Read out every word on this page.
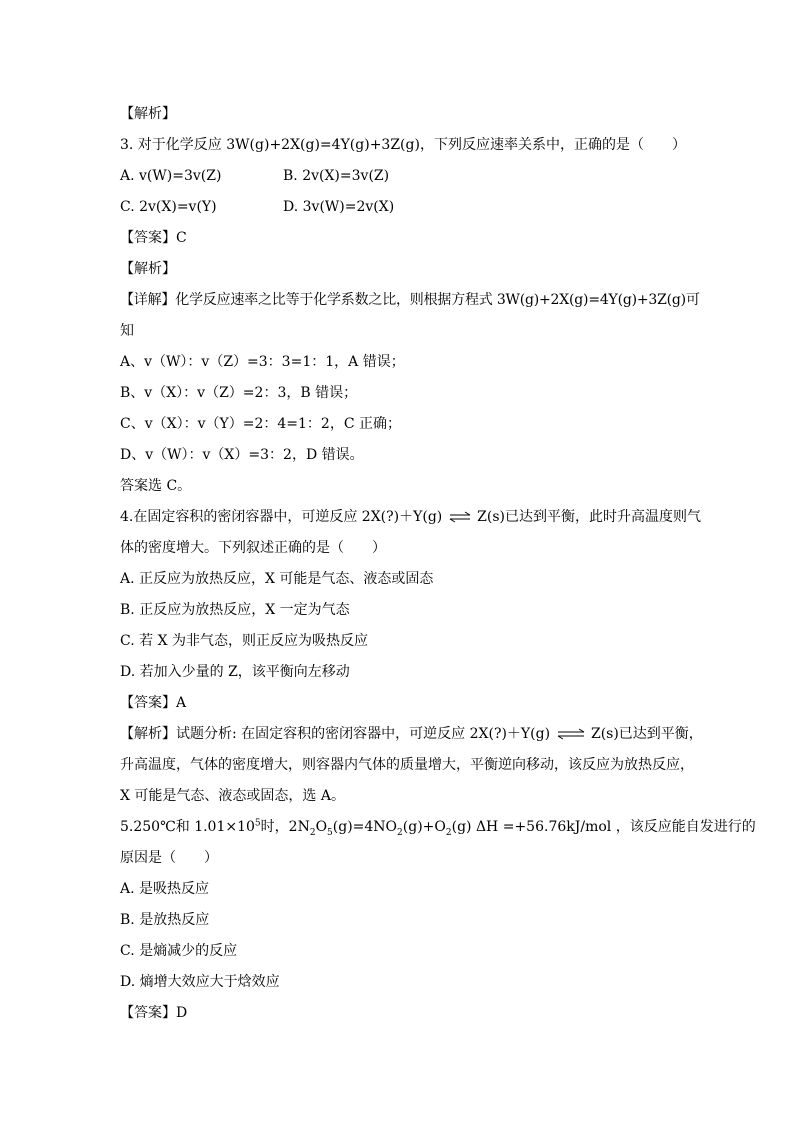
【解析】
3. 对于化学反应 3W(g)+2X(g)=4Y(g)+3Z(g)，下列反应速率关系中，正确的是（　　）
A. v(W)=3v(Z)	B. 2v(X)=3v(Z)
C. 2v(X)=v(Y)	D. 3v(W)=2v(X)
【答案】C
【解析】
【详解】化学反应速率之比等于化学系数之比，则根据方程式 3W(g)+2X(g)=4Y(g)+3Z(g)可
知
A、v（W）：v（Z）=3：3=1：1，A 错误；
B、v（X）：v（Z）=2：3，B 错误；
C、v（X）：v（Y）=2：4=1：2，C 正确；
D、v（W）：v（X）=3：2，D 错误。
答案选 C。
4.在固定容积的密闭容器中，可逆反应 2X(?)＋Y(g) ⇌ Z(s)已达到平衡，此时升高温度则气
体的密度增大。下列叙述正确的是（　　）
A. 正反应为放热反应，X 可能是气态、液态或固态
B. 正反应为放热反应，X 一定为气态
C. 若 X 为非气态，则正反应为吸热反应
D. 若加入少量的 Z，该平衡向左移动
【答案】A
【解析】试题分析: 在固定容积的密闭容器中，可逆反应 2X(?)＋Y(g) ⇌ Z(s)已达到平衡，
升高温度，气体的密度增大，则容器内气体的质量增大，平衡逆向移动，该反应为放热反应，
X 可能是气态、液态或固态，选 A。
5.250℃和 $1.01\times 10^5$时，$2N_2O_5(g)=4NO_2(g)+O_2(g)$ ΔH =+56.76kJ/mol ，该反应能自发进行的
原因是（　　）
A. 是吸热反应
B. 是放热反应
C. 是熵减少的反应
D. 熵增大效应大于焓效应
【答案】D
